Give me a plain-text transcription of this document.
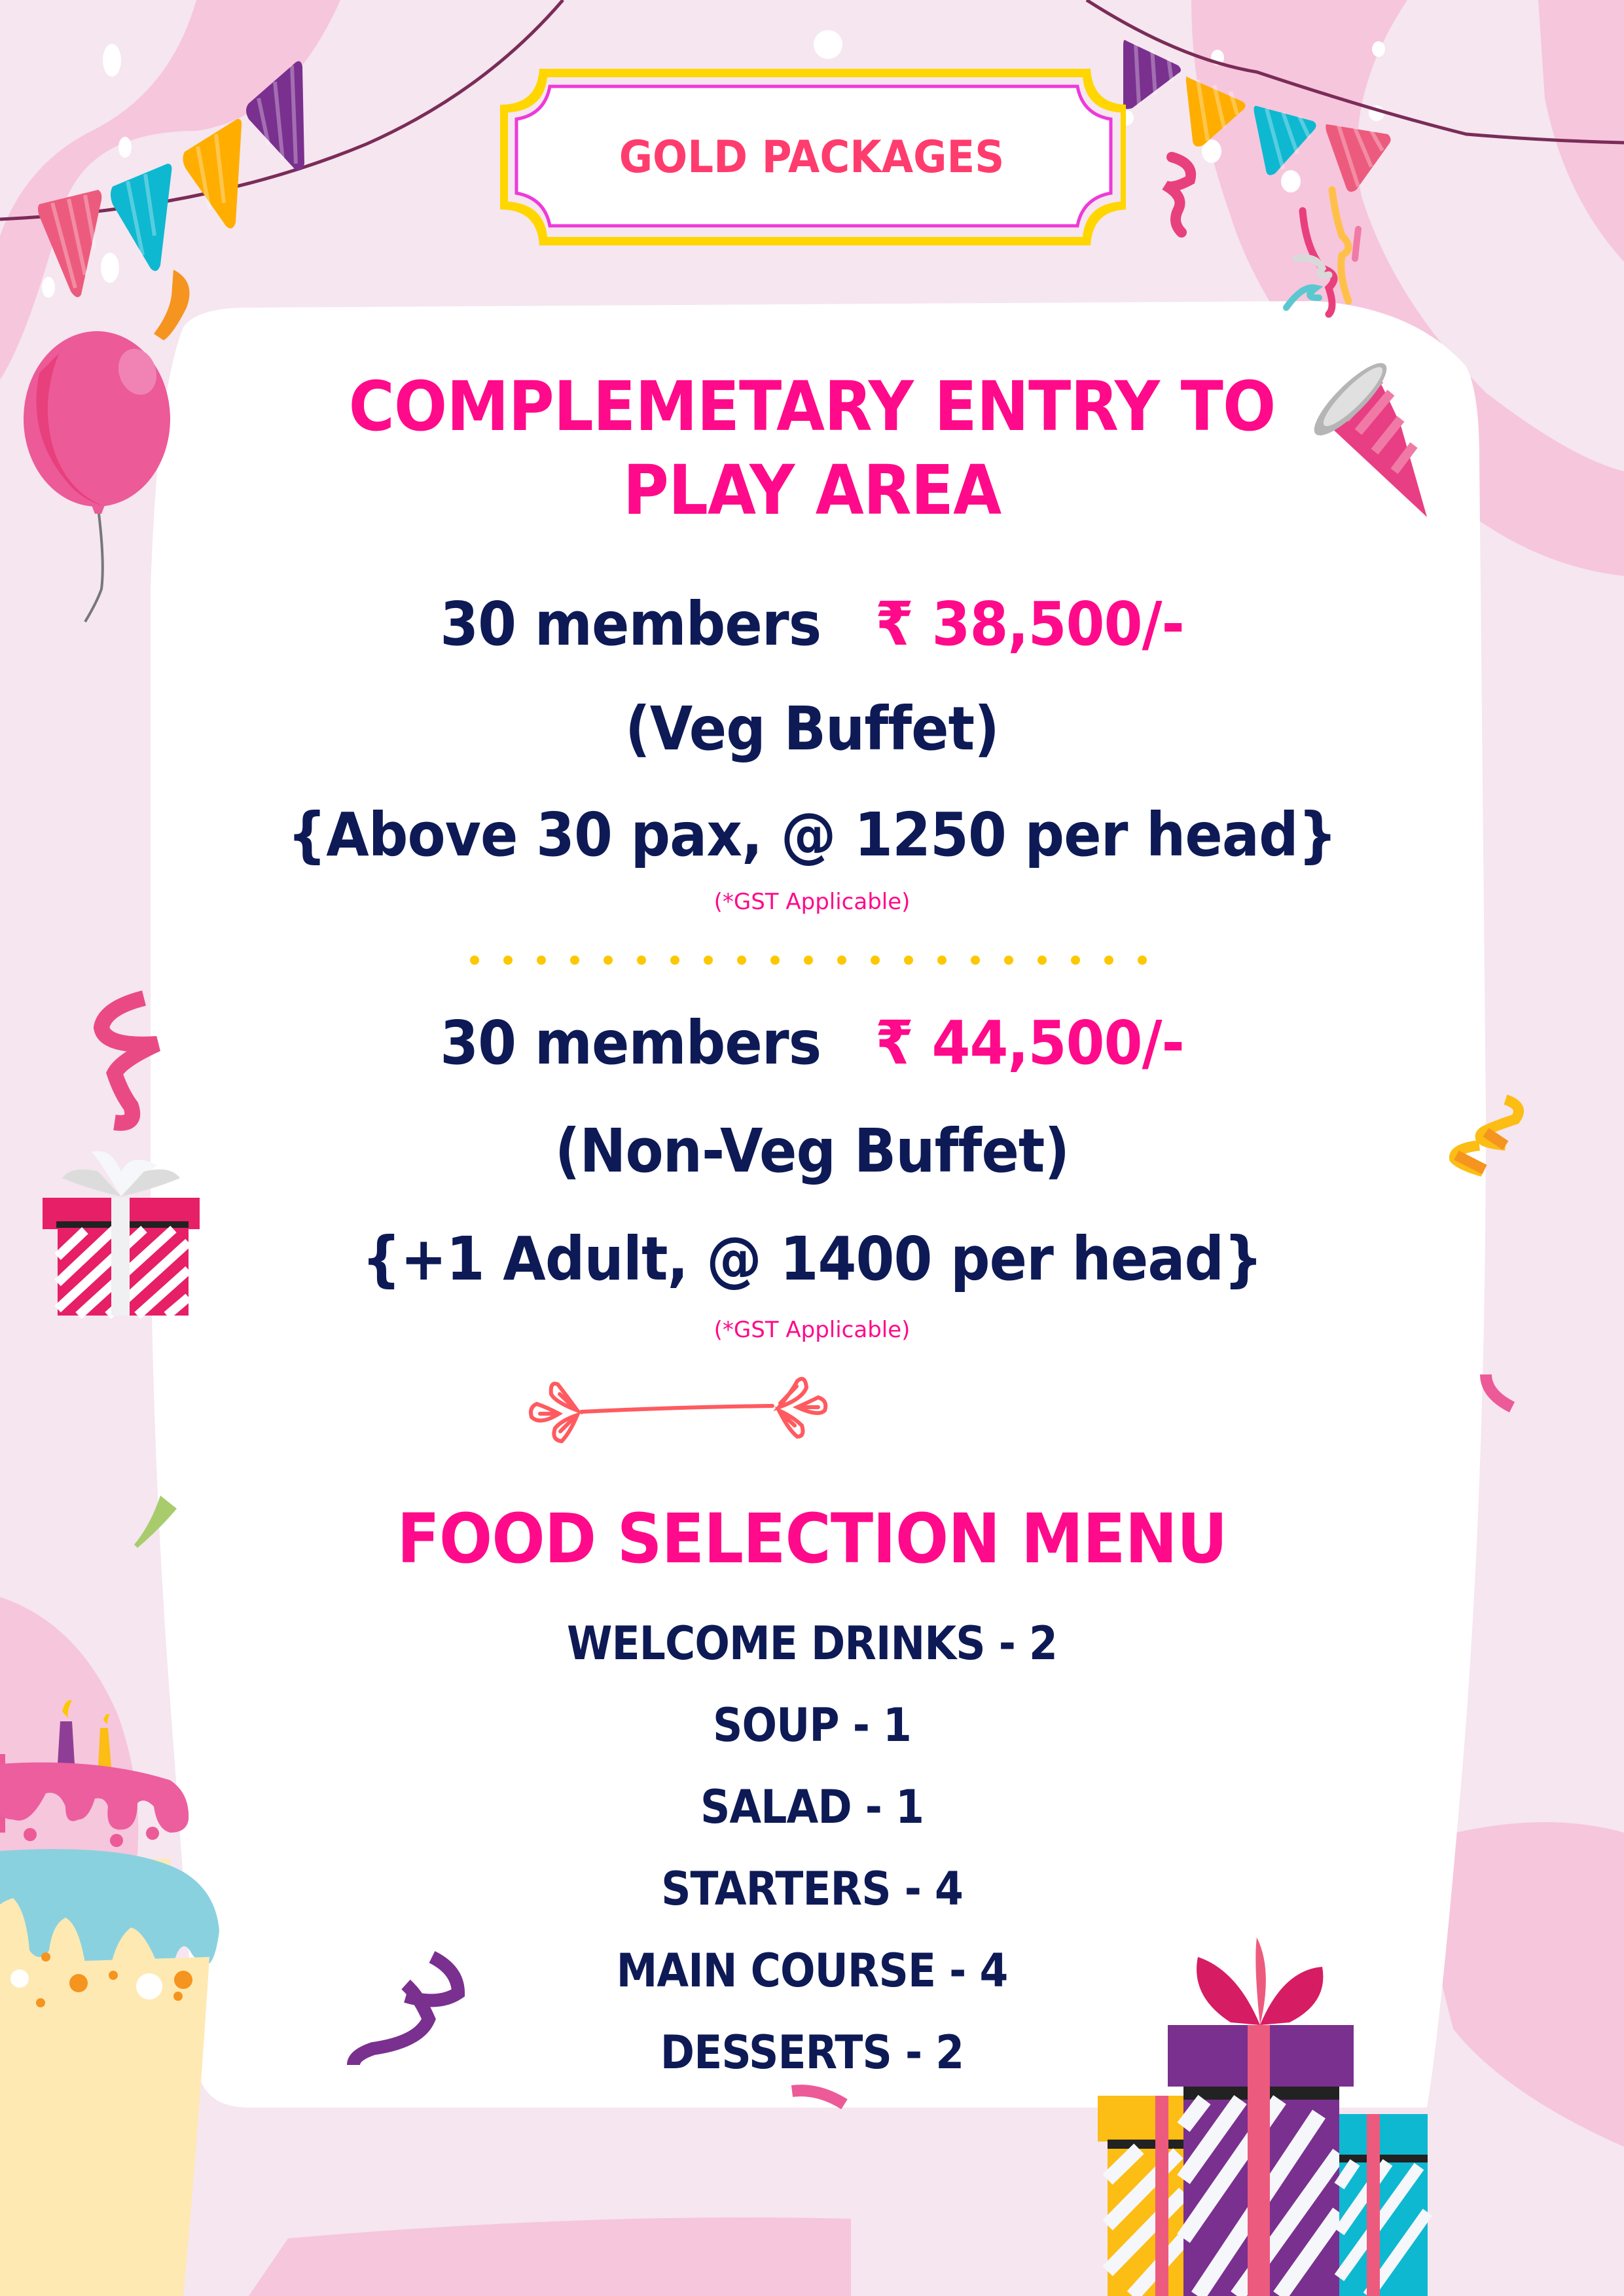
GOLD PACKAGES
COMPLEMETARY ENTRY TO
PLAY AREA
30 members ₹ 38,500/-
(Veg Buffet)
{Above 30 pax, @ 1250 per head}
(*GST Applicable)
30 members ₹ 44,500/-
(Non-Veg Buffet)
{+1 Adult, @ 1400 per head}
(*GST Applicable)
FOOD SELECTION MENU
WELCOME DRINKS - 2
SOUP - 1
SALAD - 1
STARTERS - 4
MAIN COURSE - 4
DESSERTS - 2
